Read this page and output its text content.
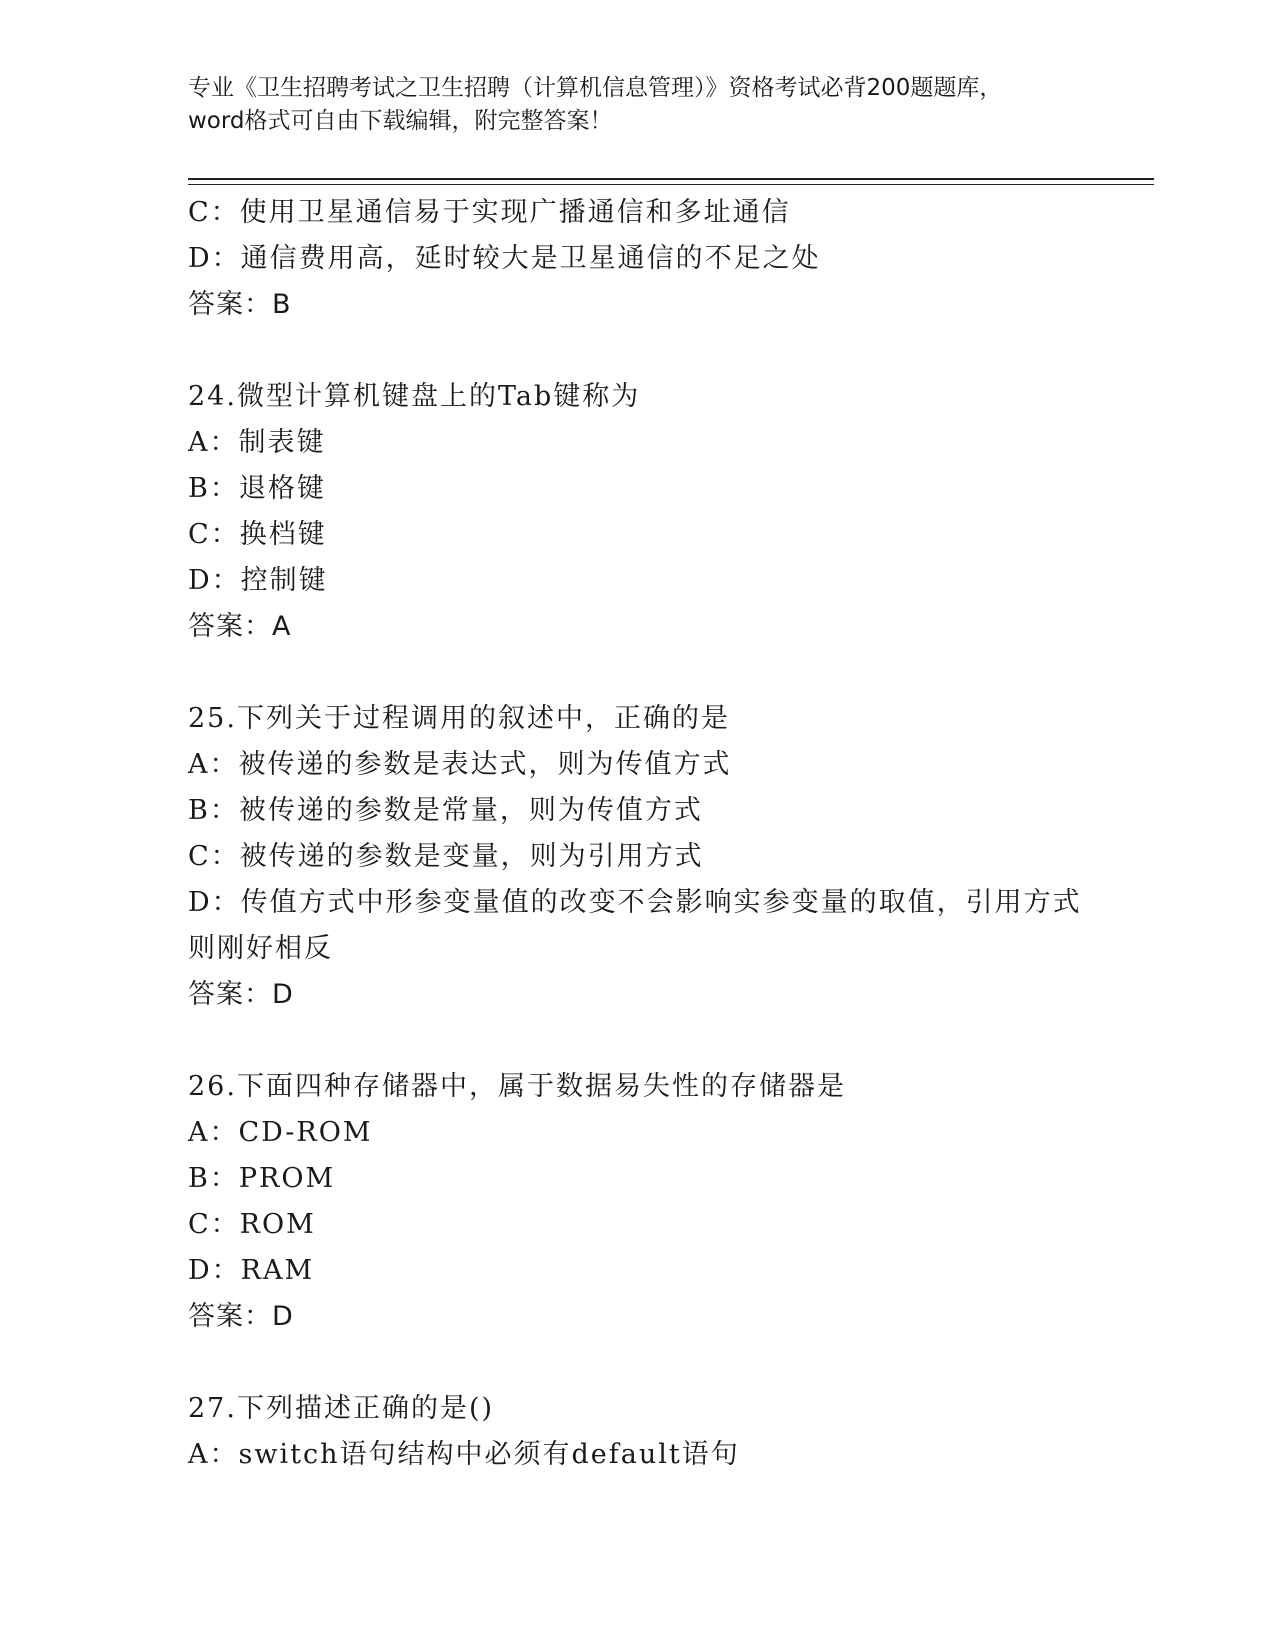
专业《卫生招聘考试之卫生招聘（计算机信息管理）》资格考试必背200题题库，
word格式可自由下载编辑，附完整答案！
C：使用卫星通信易于实现广播通信和多址通信
D：通信费用高，延时较大是卫星通信的不足之处
答案：B
24.微型计算机键盘上的Tab键称为
A：制表键
B：退格键
C：换档键
D：控制键
答案：A
25.下列关于过程调用的叙述中，正确的是
A：被传递的参数是表达式，则为传值方式
B：被传递的参数是常量，则为传值方式
C：被传递的参数是变量，则为引用方式
D：传值方式中形参变量值的改变不会影响实参变量的取值，引用方式
则刚好相反
答案：D
26.下面四种存储器中，属于数据易失性的存储器是
A：CD-ROM
B：PROM
C：ROM
D：RAM
答案：D
27.下列描述正确的是()
A：switch语句结构中必须有default语句
